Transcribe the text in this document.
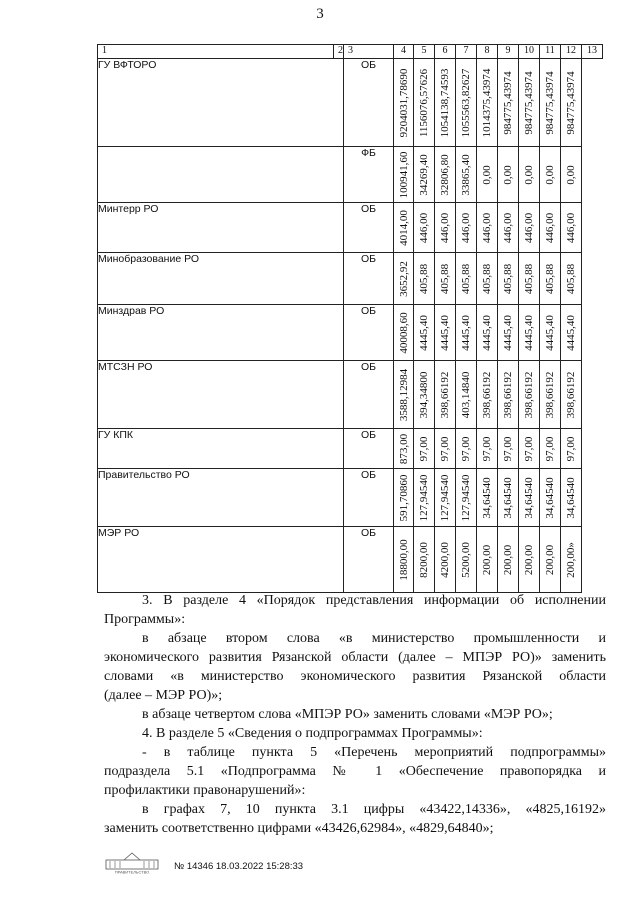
3
1	2	3	4	5	6	7	8	9	10	11	12	13
ГУ ВФТОРО		ОБ	9204031,78690	1156076,57626	1054138,74593	1055563,82627	1014375,43974	984775,43974	984775,43974	984775,43974	984775,43974	

		ФБ	100941,60	34269,40	32806,80	33865,40	0,00	0,00	0,00	0,00	0,00	

Минтерр РО		ОБ	4014,00	446,00	446,00	446,00	446,00	446,00	446,00	446,00	446,00	

Минобразование РО		ОБ	3652,92	405,88	405,88	405,88	405,88	405,88	405,88	405,88	405,88	

Минздрав РО		ОБ	40008,60	4445,40	4445,40	4445,40	4445,40	4445,40	4445,40	4445,40	4445,40	

МТСЗН РО		ОБ	3588,12984	394,34800	398,66192	403,14840	398,66192	398,66192	398,66192	398,66192	398,66192	

ГУ КПК		ОБ	873,00	97,00	97,00	97,00	97,00	97,00	97,00	97,00	97,00	

Правительство РО		ОБ	591,70860	127,94540	127,94540	127,94540	34,64540	34,64540	34,64540	34,64540	34,64540	

МЭР РО		ОБ	18800,00	8200,00	4200,00	5200,00	200,00	200,00	200,00	200,00	200,00»	
3. В разделе 4 «Порядок представления информации об исполнении
Программы»:
в абзаце втором слова «в министерство промышленности и
экономического развития Рязанской области (далее – МПЭР РО)» заменить
словами «в министерство экономического развития Рязанской области
(далее – МЭР РО)»;
в абзаце четвертом слова «МПЭР РО» заменить словами «МЭР РО»;
4. В разделе 5 «Сведения о подпрограммах Программы»:
- в таблице пункта 5 «Перечень мероприятий подпрограммы»
подраздела 5.1 «Подпрограмма № 1 «Обеспечение правопорядка и
профилактики правонарушений»:
в графах 7, 10 пункта 3.1 цифры «43422,14336», «4825,16192»
заменить соответственно цифрами «43426,62984», «4829,64840»;
ПРАВИТЕЛЬСТВО	№ 14346 18.03.2022 15:28:33
